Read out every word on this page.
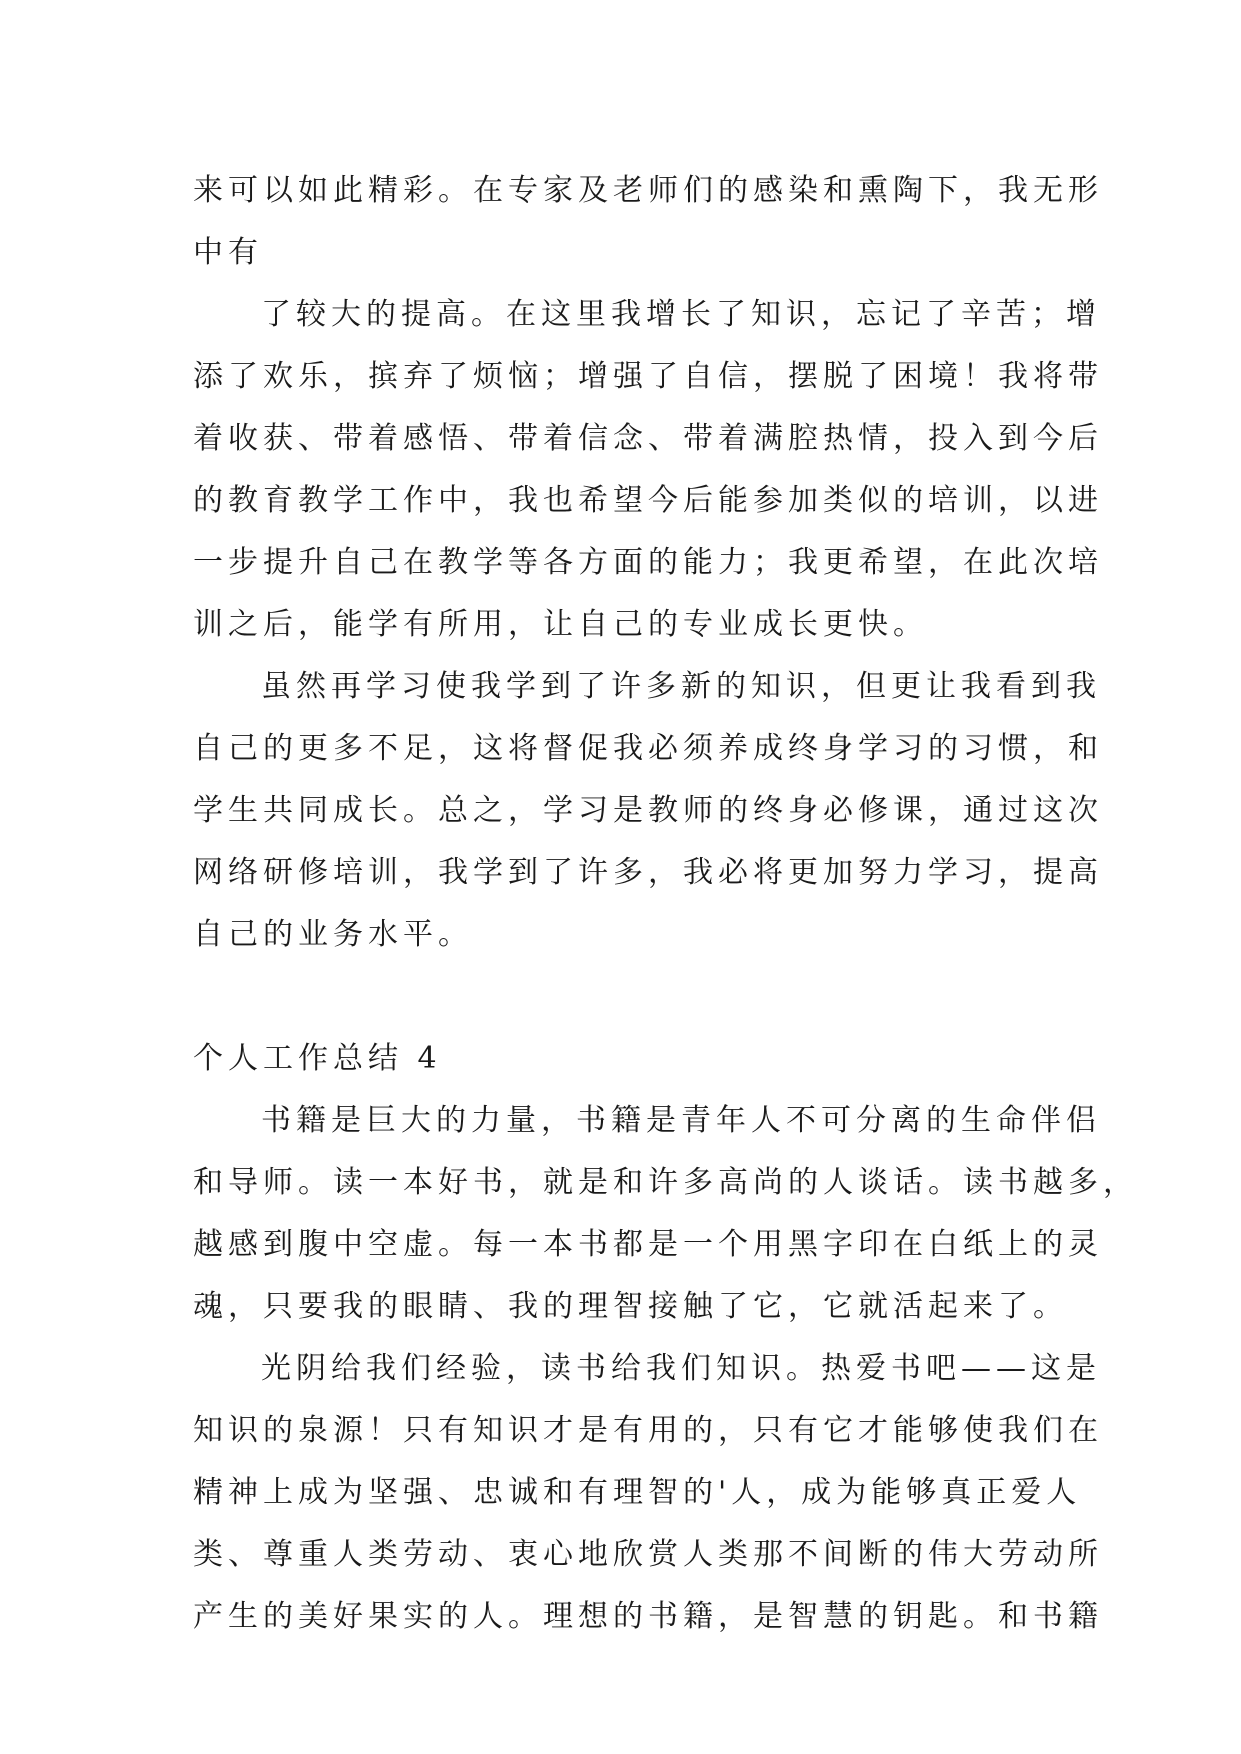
来可以如此精彩。在专家及老师们的感染和熏陶下，我无形
中有
了较大的提高。在这里我增长了知识，忘记了辛苦；增
添了欢乐，摈弃了烦恼；增强了自信，摆脱了困境！我将带
着收获、带着感悟、带着信念、带着满腔热情，投入到今后
的教育教学工作中，我也希望今后能参加类似的培训，以进
一步提升自己在教学等各方面的能力；我更希望，在此次培
训之后，能学有所用，让自己的专业成长更快。
虽然再学习使我学到了许多新的知识，但更让我看到我
自己的更多不足，这将督促我必须养成终身学习的习惯，和
学生共同成长。总之，学习是教师的终身必修课，通过这次
网络研修培训，我学到了许多，我必将更加努力学习，提高
自己的业务水平。
个人工作总结 4
书籍是巨大的力量，书籍是青年人不可分离的生命伴侣
和导师。读一本好书，就是和许多高尚的人谈话。读书越多，
越感到腹中空虚。每一本书都是一个用黑字印在白纸上的灵
魂，只要我的眼睛、我的理智接触了它，它就活起来了。
光阴给我们经验，读书给我们知识。热爱书吧——这是
知识的泉源！只有知识才是有用的，只有它才能够使我们在
精神上成为坚强、忠诚和有理智的'人，成为能够真正爱人
类、尊重人类劳动、衷心地欣赏人类那不间断的伟大劳动所
产生的美好果实的人。理想的书籍，是智慧的钥匙。和书籍
